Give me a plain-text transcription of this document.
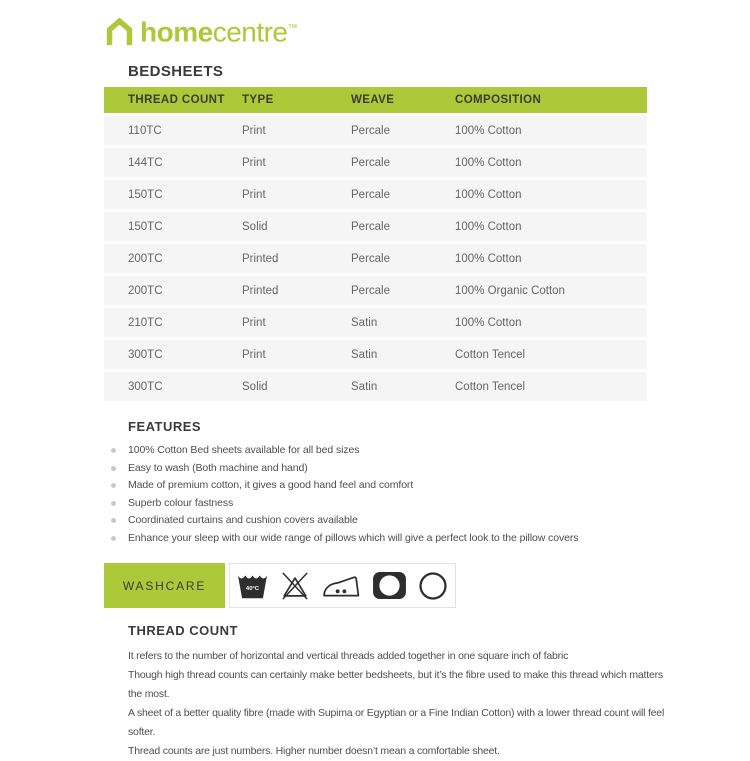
homecentre™
BEDSHEETS
THREAD COUNT	TYPE	WEAVE	COMPOSITION
110TC	Print	Percale	100% Cotton
144TC	Print	Percale	100% Cotton
150TC	Print	Percale	100% Cotton
150TC	Solid	Percale	100% Cotton
200TC	Printed	Percale	100% Cotton
200TC	Printed	Percale	100% Organic Cotton
210TC	Print	Satin	100% Cotton
300TC	Print	Satin	Cotton Tencel
300TC	Solid	Satin	Cotton Tencel
FEATURES
100% Cotton Bed sheets available for all bed sizes
Easy to wash (Both machine and hand)
Made of premium cotton, it gives a good hand feel and comfort
Superb colour fastness
Coordinated curtains and cushion covers available
Enhance your sleep with our wide range of pillows which will give a perfect look to the pillow covers
WASHCARE	40°C
THREAD COUNT

It refers to the number of horizontal and vertical threads added together in one square inch of fabric

Though high thread counts can certainly make better bedsheets, but it’s the fibre used to make this thread which matters the most.

A sheet of a better quality fibre (made with Supima or Egyptian or a Fine Indian Cotton) with a lower thread count will feel softer.

Thread counts are just numbers. Higher number doesn’t mean a comfortable sheet.
